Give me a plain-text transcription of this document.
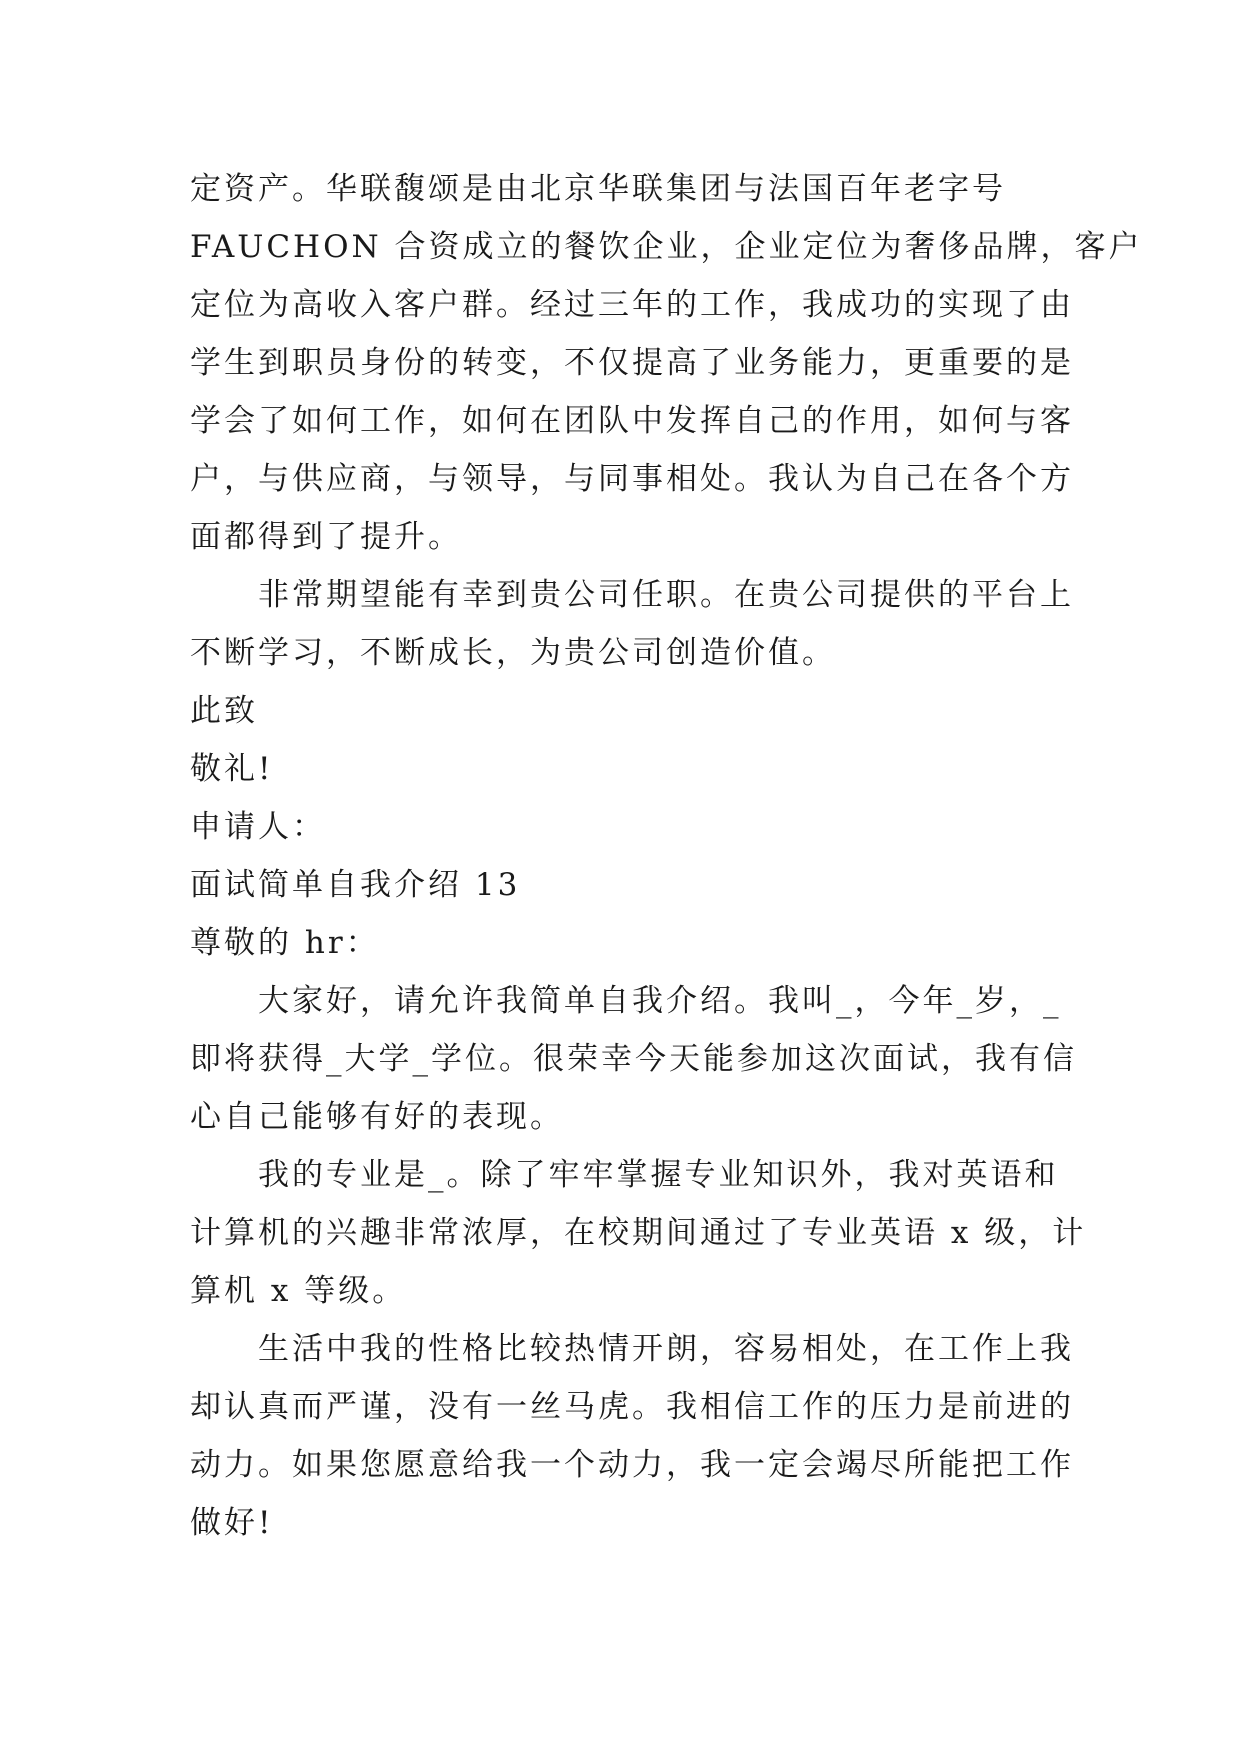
定资产。华联馥颂是由北京华联集团与法国百年老字号
FAUCHON 合资成立的餐饮企业，企业定位为奢侈品牌，客户
定位为高收入客户群。经过三年的工作，我成功的实现了由
学生到职员身份的转变，不仅提高了业务能力，更重要的是
学会了如何工作，如何在团队中发挥自己的作用，如何与客
户，与供应商，与领导，与同事相处。我认为自己在各个方
面都得到了提升。
非常期望能有幸到贵公司任职。在贵公司提供的平台上
不断学习，不断成长，为贵公司创造价值。
此致
敬礼!
申请人：
面试简单自我介绍 13
尊敬的 hr：
大家好，请允许我简单自我介绍。我叫_，今年_岁，_
即将获得_大学_学位。很荣幸今天能参加这次面试，我有信
心自己能够有好的表现。
我的专业是_。除了牢牢掌握专业知识外，我对英语和
计算机的兴趣非常浓厚，在校期间通过了专业英语 x 级，计
算机 x 等级。
生活中我的性格比较热情开朗，容易相处，在工作上我
却认真而严谨，没有一丝马虎。我相信工作的压力是前进的
动力。如果您愿意给我一个动力，我一定会竭尽所能把工作
做好!
